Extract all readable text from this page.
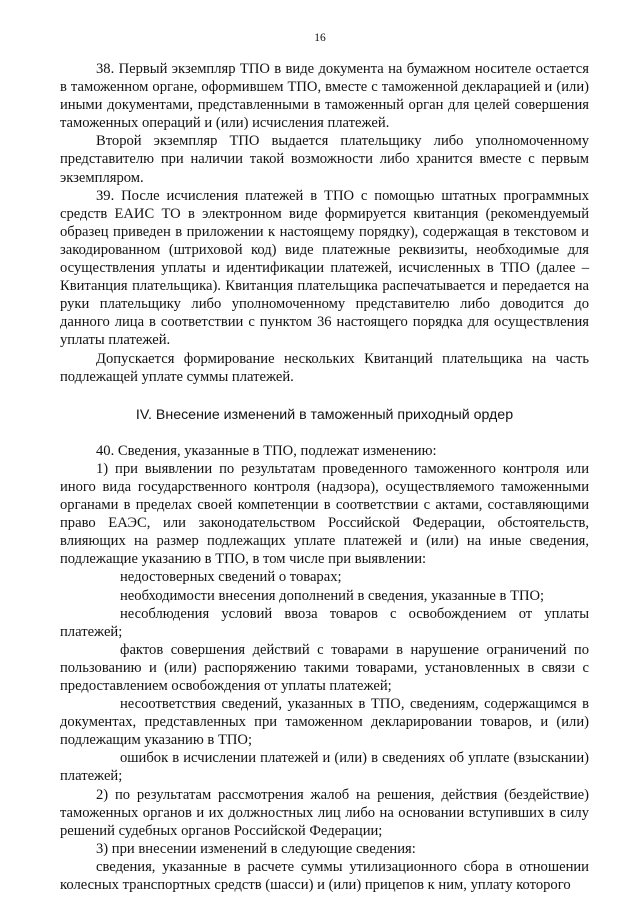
16

38. Первый экземпляр ТПО в виде документа на бумажном носителе остается в таможенном органе, оформившем ТПО, вместе с таможенной декларацией и (или) иными документами, представленными в таможенный орган для целей совершения таможенных операций и (или) исчисления платежей.

Второй экземпляр ТПО выдается плательщику либо уполномоченному представителю при наличии такой возможности либо хранится вместе с первым экземпляром.

39. После исчисления платежей в ТПО с помощью штатных программных средств ЕАИС ТО в электронном виде формируется квитанция (рекомендуемый образец приведен в приложении к настоящему порядку), содержащая в текстовом и закодированном (штриховой код) виде платежные реквизиты, необходимые для осуществления уплаты и идентификации платежей, исчисленных в ТПО (далее – Квитанция плательщика). Квитанция плательщика распечатывается и передается на руки плательщику либо уполномоченному представителю либо доводится до данного лица в соответствии с пунктом 36 настоящего порядка для осуществления уплаты платежей.

Допускается формирование нескольких Квитанций плательщика на часть подлежащей уплате суммы платежей.

IV. Внесение изменений в таможенный приходный ордер

40. Сведения, указанные в ТПО, подлежат изменению:

1) при выявлении по результатам проведенного таможенного контроля или иного вида государственного контроля (надзора), осуществляемого таможенными органами в пределах своей компетенции в соответствии с актами, составляющими право ЕАЭС, или законодательством Российской Федерации, обстоятельств, влияющих на размер подлежащих уплате платежей и (или) на иные сведения, подлежащие указанию в ТПО, в том числе при выявлении:

недостоверных сведений о товарах;

необходимости внесения дополнений в сведения, указанные в ТПО;

несоблюдения условий ввоза товаров с освобождением от уплаты платежей;

фактов совершения действий с товарами в нарушение ограничений по пользованию и (или) распоряжению такими товарами, установленных в связи с предоставлением освобождения от уплаты платежей;

несоответствия сведений, указанных в ТПО, сведениям, содержащимся в документах, представленных при таможенном декларировании товаров, и (или) подлежащим указанию в ТПО;

ошибок в исчислении платежей и (или) в сведениях об уплате (взыскании) платежей;

2) по результатам рассмотрения жалоб на решения, действия (бездействие) таможенных органов и их должностных лиц либо на основании вступивших в силу решений судебных органов Российской Федерации;

3) при внесении изменений в следующие сведения:

сведения, указанные в расчете суммы утилизационного сбора в отношении колесных транспортных средств (шасси) и (или) прицепов к ним, уплату которого
